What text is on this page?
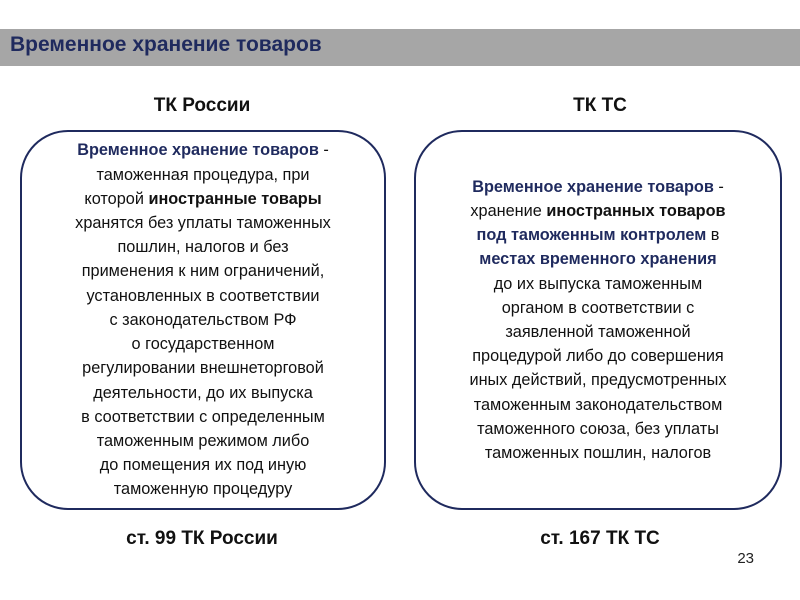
Временное хранение товаров
ТК России	ТК ТС
Временное хранение товаров -
таможенная процедура, при
которой иностранные товары
хранятся без уплаты таможенных
пошлин, налогов и без
применения к ним ограничений,
установленных в соответствии
с законодательством РФ
о государственном
регулировании внешнеторговой
деятельности, до их выпуска
в соответствии с определенным
таможенным режимом либо
до помещения их под иную
таможенную процедуру
Временное хранение товаров -
хранение иностранных товаров
под таможенным контролем в
местах временного хранения
до их выпуска таможенным
органом в соответствии с
заявленной таможенной
процедурой либо до совершения
иных действий, предусмотренных
таможенным законодательством
таможенного союза, без уплаты
таможенных пошлин, налогов
ст. 99 ТК России	ст. 167 ТК ТС
23
